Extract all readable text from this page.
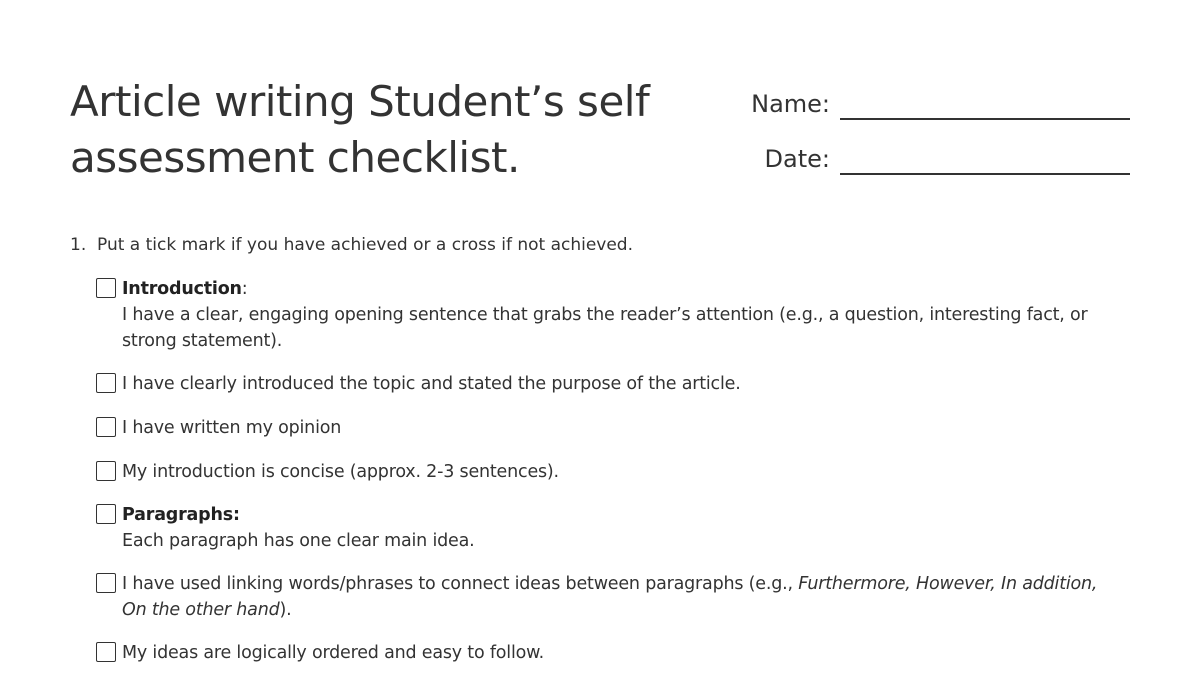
Article writing Student’s self assessment checklist.
Name:
Date:
1. Put a tick mark if you have achieved or a cross if not achieved.
Introduction:
I have a clear, engaging opening sentence that grabs the reader’s attention (e.g., a question, interesting fact, or strong statement).
I have clearly introduced the topic and stated the purpose of the article.
I have written my opinion
My introduction is concise (approx. 2-3 sentences).
Paragraphs:
Each paragraph has one clear main idea.
I have used linking words/phrases to connect ideas between paragraphs (e.g., Furthermore, However, In addition, On the other hand).
My ideas are logically ordered and easy to follow.
